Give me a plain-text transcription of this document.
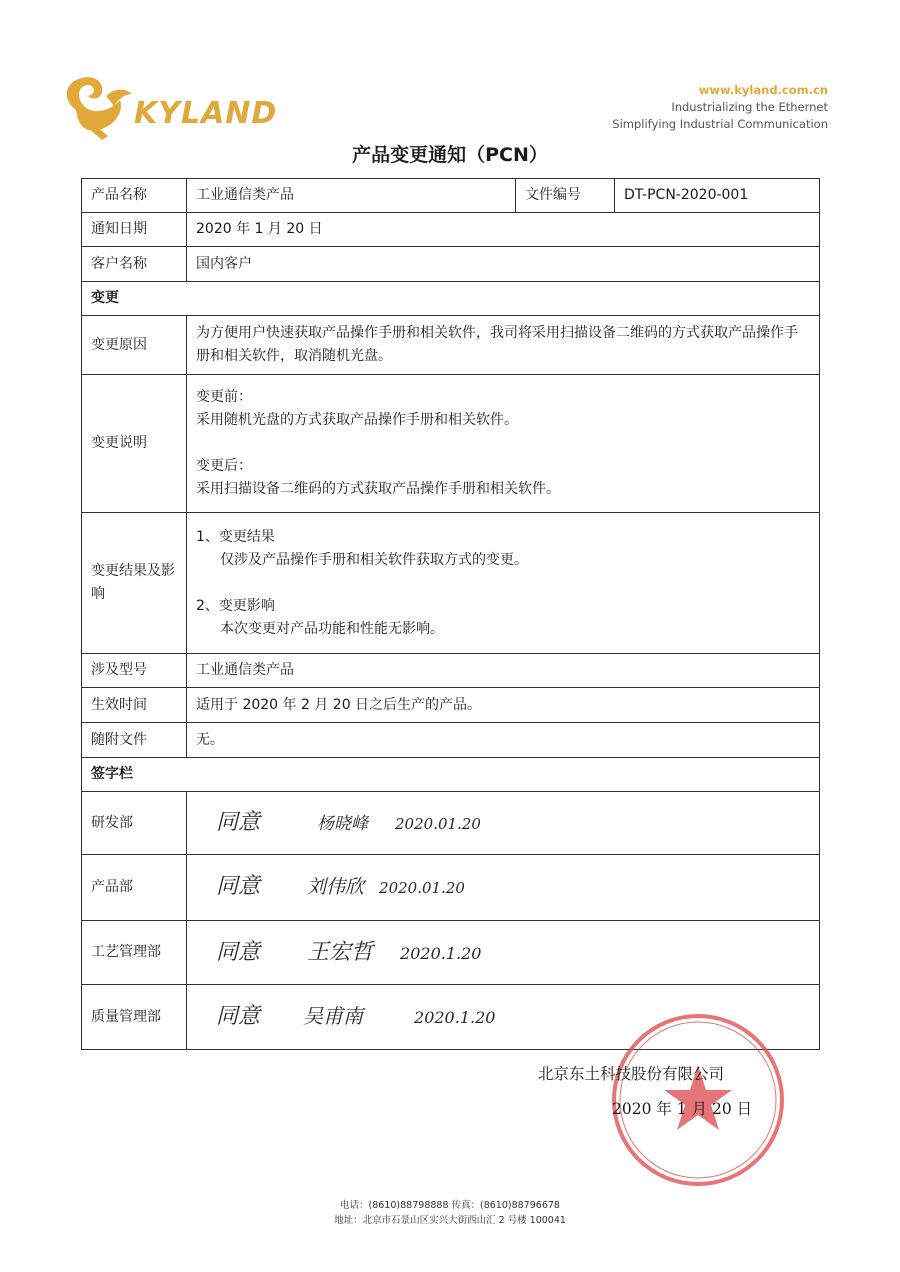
KYLAND
www.kyland.com.cn
Industrializing the Ethernet
Simplifying Industrial Communication
产品变更通知（PCN）
产品名称	工业通信类产品	文件编号	DT-PCN-2020-001
通知日期	2020 年 1 月 20 日		
客户名称	国内客户		
变更			
变更原因	为方便用户快速获取产品操作手册和相关软件，我司将采用扫描设备二维码的方式获取产品操作手册和相关软件，取消随机光盘。		
变更说明	变更前：
采用随机光盘的方式获取产品操作手册和相关软件。
变更后：
采用扫描设备二维码的方式获取产品操作手册和相关软件。		

变更结果及影响	1、变更结果
仅涉及产品操作手册和相关软件获取方式的变更。
2、变更影响
本次变更对产品功能和性能无影响。		

涉及型号	工业通信类产品		
生效时间	适用于 2020 年 2 月 20 日之后生产的产品。		
随附文件	无。		
签字栏			
研发部	同意 杨晓峰 2020.01.20		
产品部	同意 刘伟欣 2020.01.20		
工艺管理部	同意 王宏哲 2020.1.20		
质量管理部	同意 吴甫南 2020.1.20		
北京东土科技股份有限公司
2020 年 1 月 20 日
电话：(8610)88798888 传真：(8610)88796678
地址：北京市石景山区实兴大街西山汇 2 号楼 100041
